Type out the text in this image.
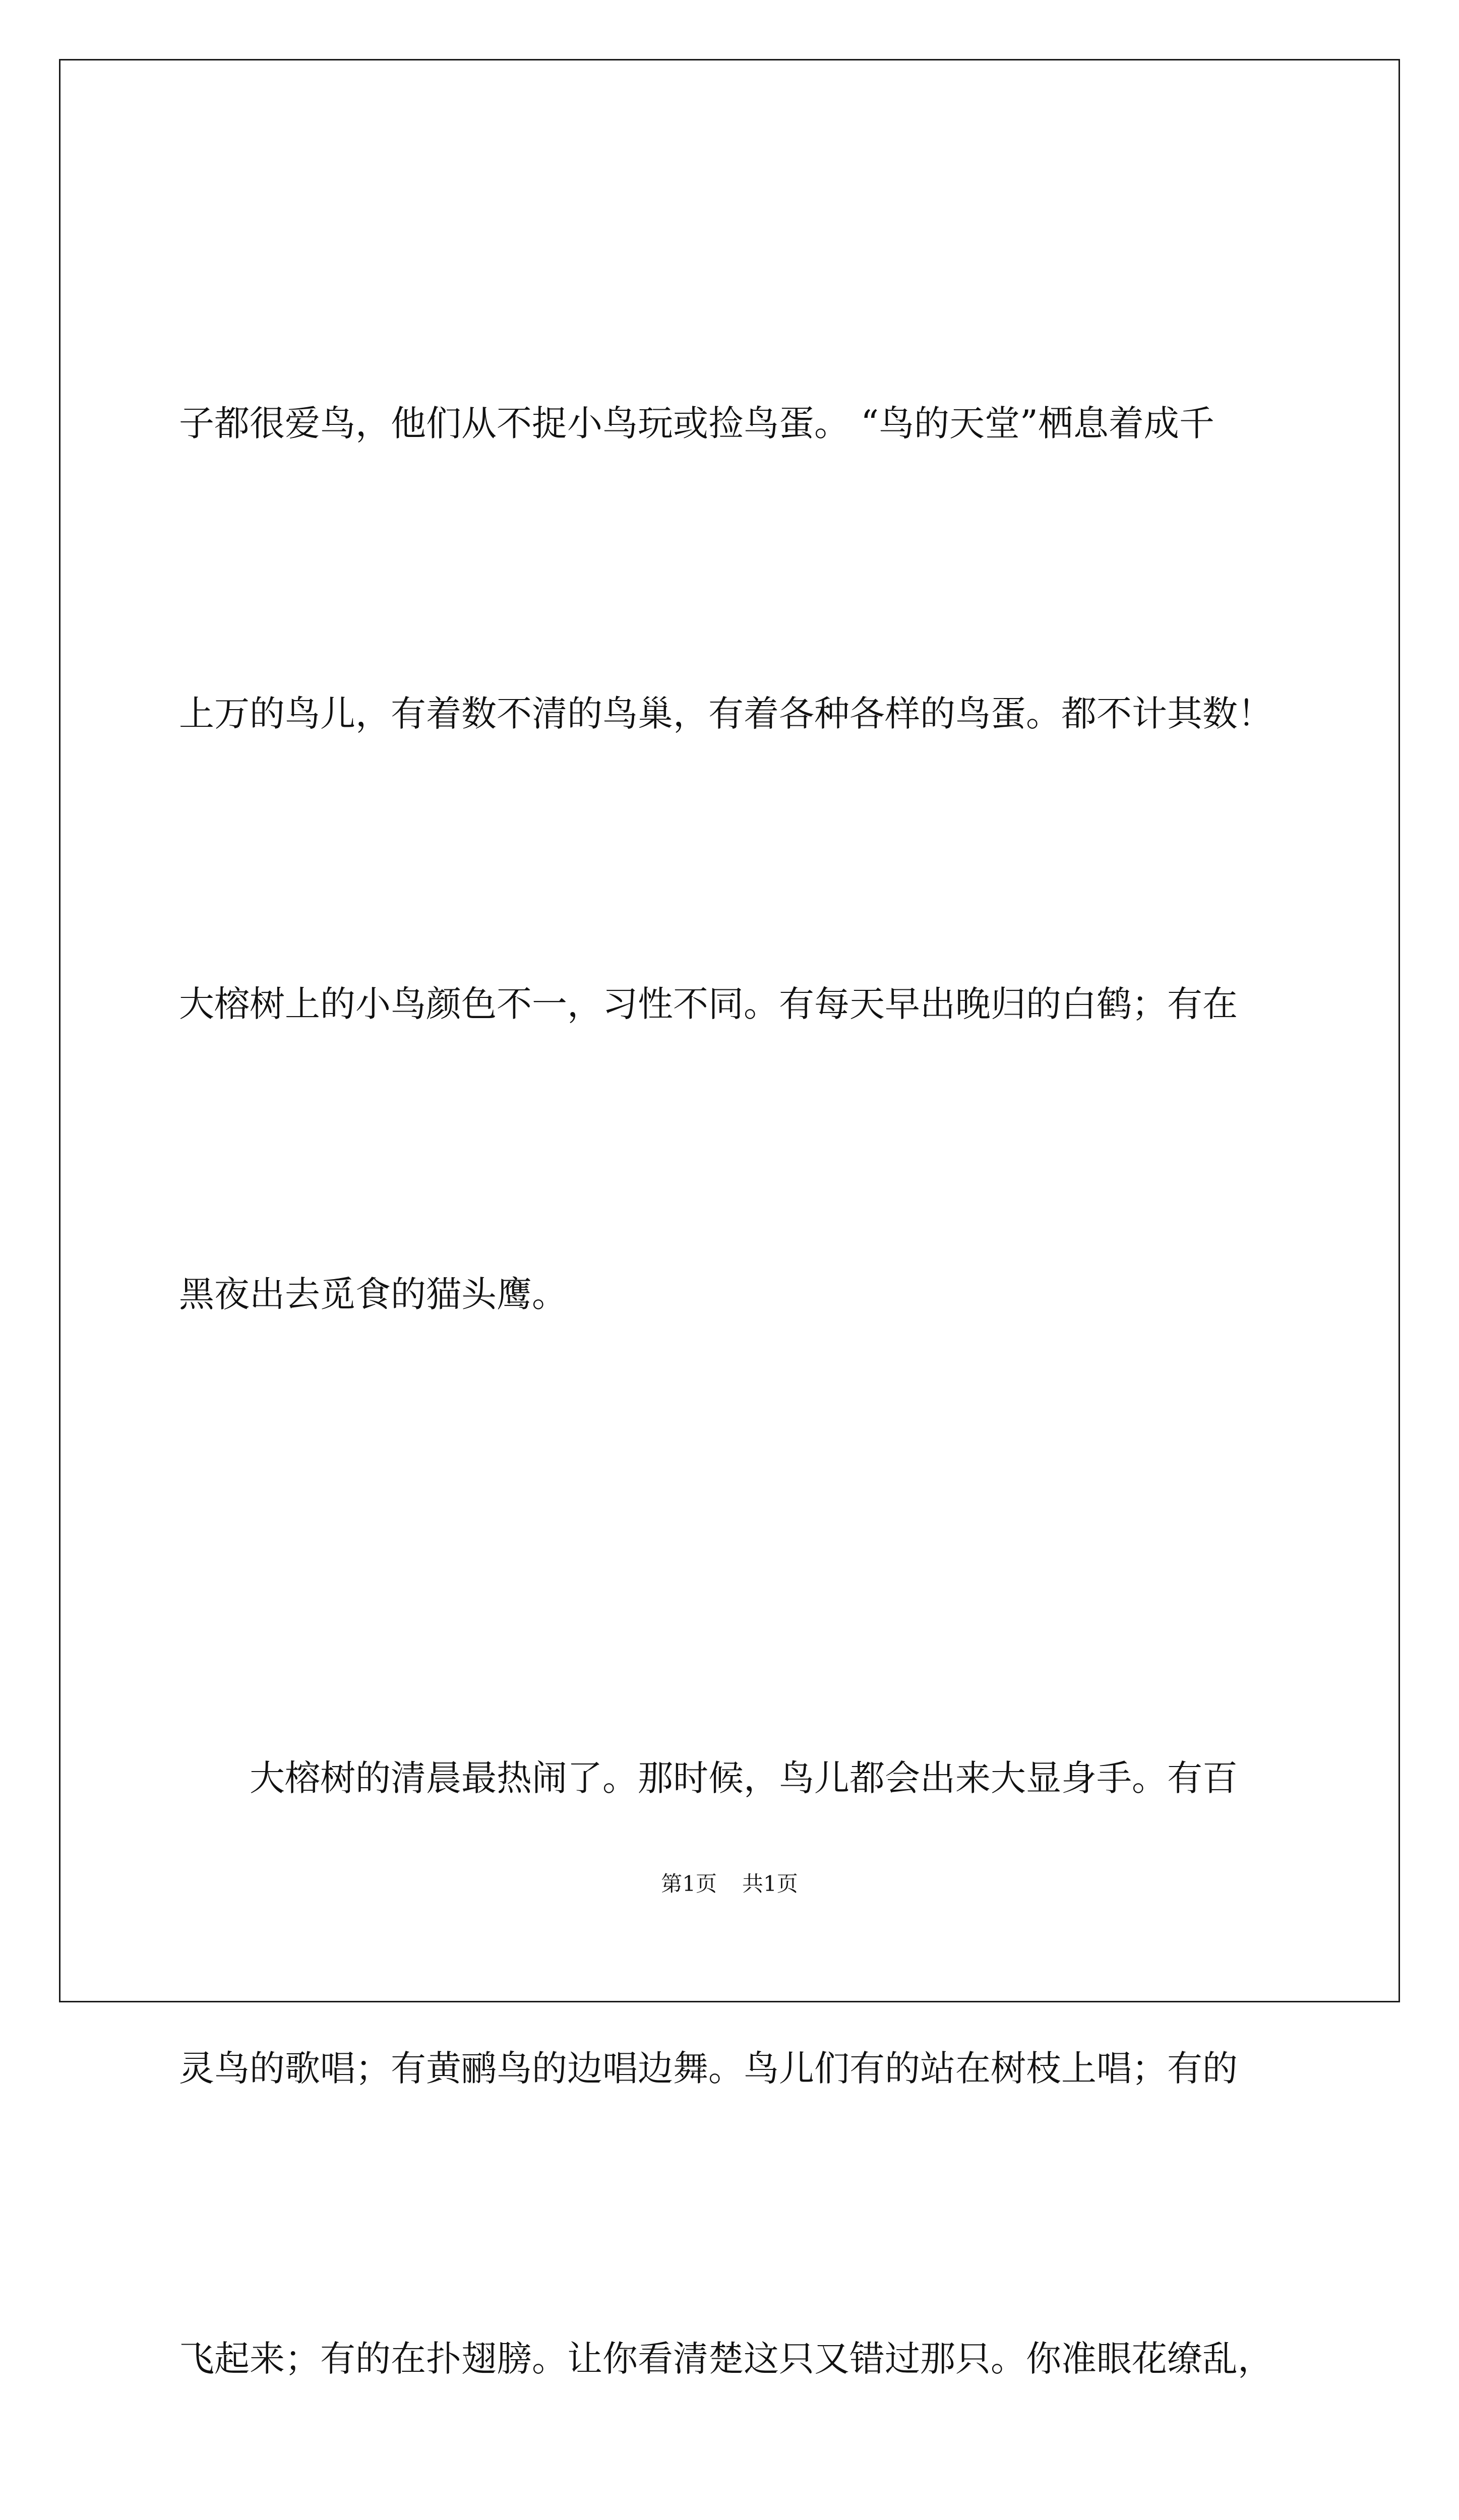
子都很爱鸟，他们从不捉小鸟玩或捡鸟蛋。 “鸟的天堂”栖息着成千

上万的鸟儿，有着数不清的鸟巢，有着各种各样的鸟蛋。都不计其数！

大榕树上的小鸟颜色不一，习性不同。有每天早出晚归的白鹤；有在

黑夜出去觅食的猫头鹰。

大榕树的清晨最热闹了。那时候，鸟儿都会出来大显身手。有百

灵鸟的歌唱；有黄鹂鸟的边唱边舞。鸟儿们有的站在树枝上唱；有的

飞起来；有的在扑翅膀。让你看清楚这只又错过那只。你准眼花缭乱，

第1页 共1页
